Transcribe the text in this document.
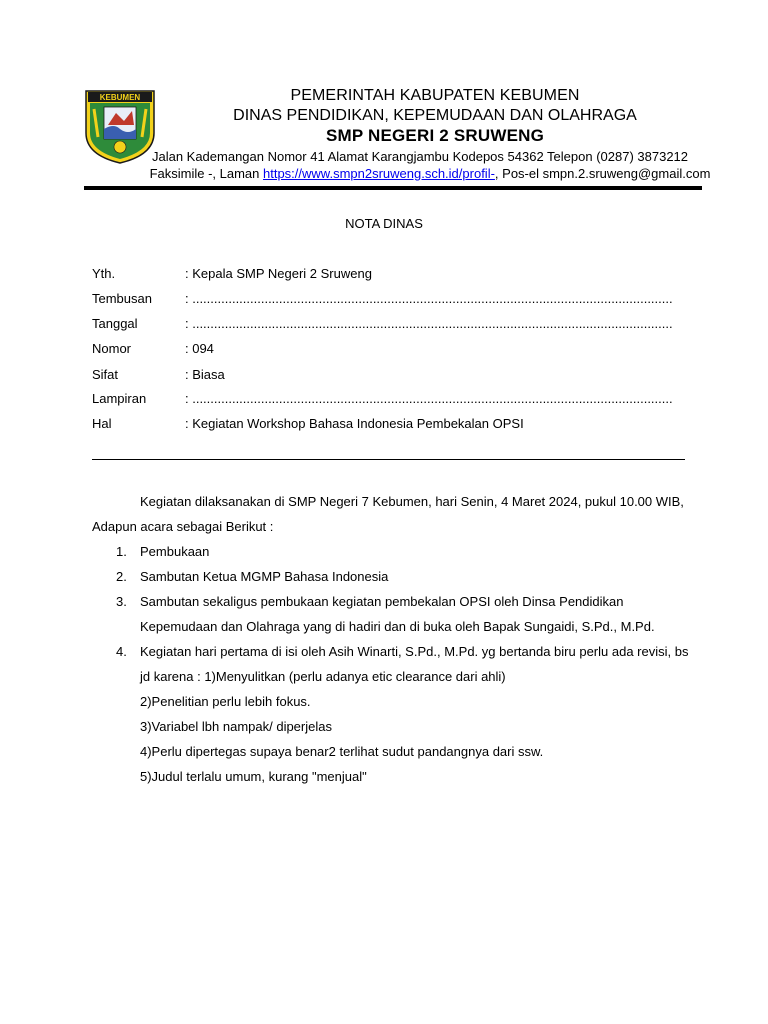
KEBUMEN	PEMERINTAH KABUPATEN KEBUMEN
DINAS PENDIDIKAN, KEPEMUDAAN DAN OLAHRAGA
SMP NEGERI 2 SRUWENG
Jalan Kademangan Nomor 41 Alamat Karangjambu Kodepos 54362 Telepon (0287) 3873212
Faksimile -, Laman https://www.smpn2sruweng.sch.id/profil-, Pos-el smpn.2.sruweng@gmail.com
NOTA DINAS
Yth.	: Kepala SMP Negeri 2 Sruweng
Tembusan	: .....................................................................................................................................
Tanggal	: .....................................................................................................................................
Nomor	: 094
Sifat	: Biasa
Lampiran	: .....................................................................................................................................
Hal	: Kegiatan Workshop Bahasa Indonesia Pembekalan OPSI
Kegiatan dilaksanakan di SMP Negeri 7 Kebumen, hari Senin, 4 Maret 2024, pukul 10.00 WIB,
Adapun acara sebagai Berikut :
1. Pembukaan
2. Sambutan Ketua MGMP Bahasa Indonesia
3. Sambutan sekaligus pembukaan kegiatan pembekalan OPSI oleh Dinsa Pendidikan
Kepemudaan dan Olahraga yang di hadiri dan di buka oleh Bapak Sungaidi, S.Pd., M.Pd.
4. Kegiatan hari pertama di isi oleh Asih Winarti, S.Pd., M.Pd. yg bertanda biru perlu ada revisi, bs
jd karena : 1)Menyulitkan (perlu adanya etic clearance dari ahli)
2)Penelitian perlu lebih fokus.
3)Variabel lbh nampak/ diperjelas
4)Perlu dipertegas supaya benar2 terlihat sudut pandangnya dari ssw.
5)Judul terlalu umum, kurang "menjual"
